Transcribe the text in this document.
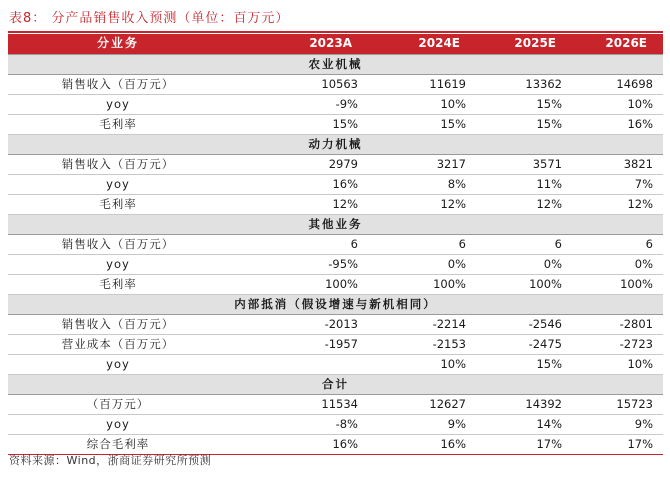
表8： 分产品销售收入预测（单位：百万元）
分业务	2023A	2024E	2025E	2026E
农业机械				
销售收入（百万元）	10563	11619	13362	14698
yoy	-9%	10%	15%	10%
毛利率	15%	15%	15%	16%
动力机械				
销售收入（百万元）	2979	3217	3571	3821
yoy	16%	8%	11%	7%
毛利率	12%	12%	12%	12%
其他业务				
销售收入（百万元）	6	6	6	6
yoy	-95%	0%	0%	0%
毛利率	100%	100%	100%	100%
内部抵消（假设增速与新机相同）				
销售收入（百万元）	-2013	-2214	-2546	-2801
营业成本（百万元）	-1957	-2153	-2475	-2723
yoy		10%	15%	10%
合计				
（百万元）	11534	12627	14392	15723
yoy	-8%	9%	14%	9%
综合毛利率	16%	16%	17%	17%
资料来源：Wind，浙商证券研究所预测
